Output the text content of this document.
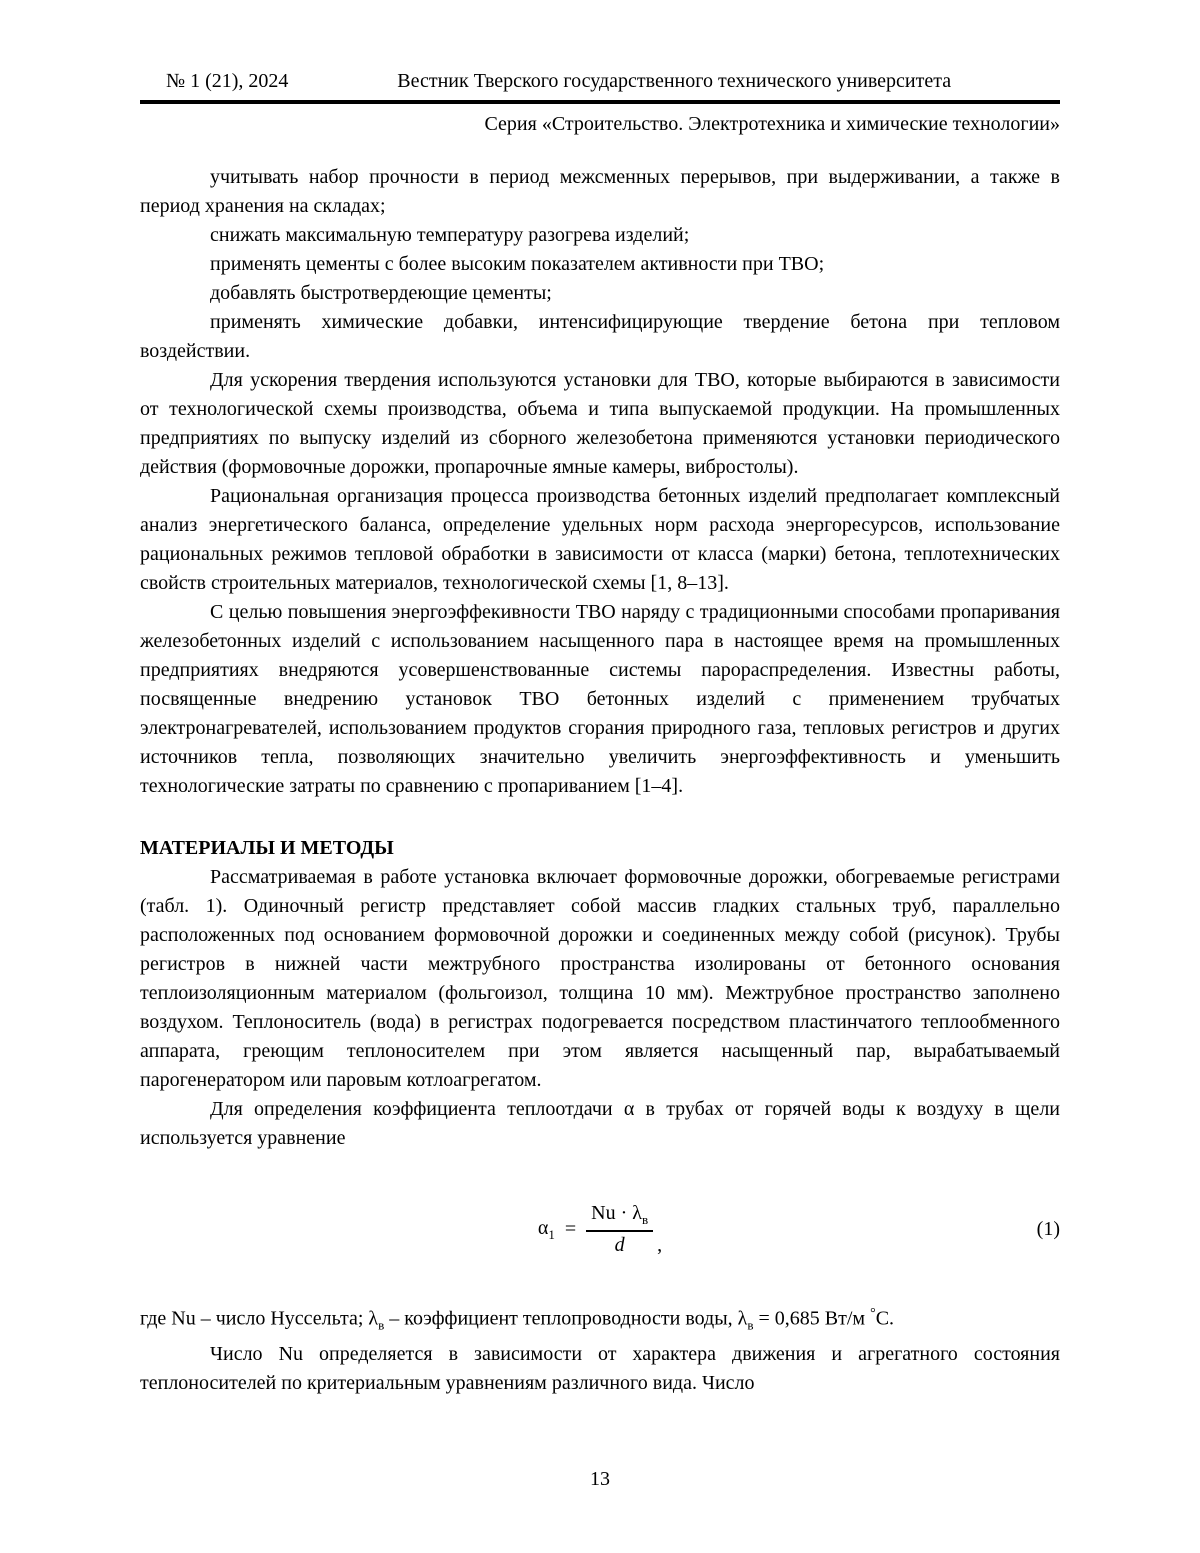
№ 1 (21), 2024	Вестник Тверского государственного технического университета
Серия «Строительство. Электротехника и химические технологии»

учитывать набор прочности в период межсменных перерывов, при выдерживании, а также в период хранения на складах;

снижать максимальную температуру разогрева изделий;

применять цементы с более высоким показателем активности при ТВО;

добавлять быстротвердеющие цементы;

применять химические добавки, интенсифицирующие твердение бетона при тепловом воздействии.

Для ускорения твердения используются установки для ТВО, которые выбираются в зависимости от технологической схемы производства, объема и типа выпускаемой продукции. На промышленных предприятиях по выпуску изделий из сборного железобетона применяются установки периодического действия (формовочные дорожки, пропарочные ямные камеры, вибростолы).

Рациональная организация процесса производства бетонных изделий предполагает комплексный анализ энергетического баланса, определение удельных норм расхода энергоресурсов, использование рациональных режимов тепловой обработки в зависимости от класса (марки) бетона, теплотехнических свойств строительных материалов, технологической схемы [1, 8–13].

С целью повышения энергоэффекивности ТВО наряду с традиционными способами пропаривания железобетонных изделий с использованием насыщенного пара в настоящее время на промышленных предприятиях внедряются усовершенствованные системы парораспределения. Известны работы, посвященные внедрению установок ТВО бетонных изделий с применением трубчатых электронагревателей, использованием продуктов сгорания природного газа, тепловых регистров и других источников тепла, позволяющих значительно увеличить энергоэффективность и уменьшить технологические затраты по сравнению с пропариванием [1–4].

МАТЕРИАЛЫ И МЕТОДЫ

Рассматриваемая в работе установка включает формовочные дорожки, обогреваемые регистрами (табл. 1). Одиночный регистр представляет собой массив гладких стальных труб, параллельно расположенных под основанием формовочной дорожки и соединенных между собой (рисунок). Трубы регистров в нижней части межтрубного пространства изолированы от бетонного основания теплоизоляционным материалом (фольгоизол, толщина 10 мм). Межтрубное пространство заполнено воздухом. Теплоноситель (вода) в регистрах подогревается посредством пластинчатого теплообменного аппарата, греющим теплоносителем при этом является насыщенный пар, вырабатываемый парогенератором или паровым котлоагрегатом.

Для определения коэффициента теплоотдачи α в трубах от горячей воды к воздуху в щели используется уравнение

$\alpha_1 = \frac{Nu \cdot \lambda_в}{d}$ ,
(1)

где Nu – число Нуссельта; $\lambda_в$ – коэффициент теплопроводности воды, $\lambda_в = 0,685$ Вт/м °С.

Число Nu определяется в зависимости от характера движения и агрегатного состояния теплоносителей по критериальным уравнениям различного вида. Число

13
